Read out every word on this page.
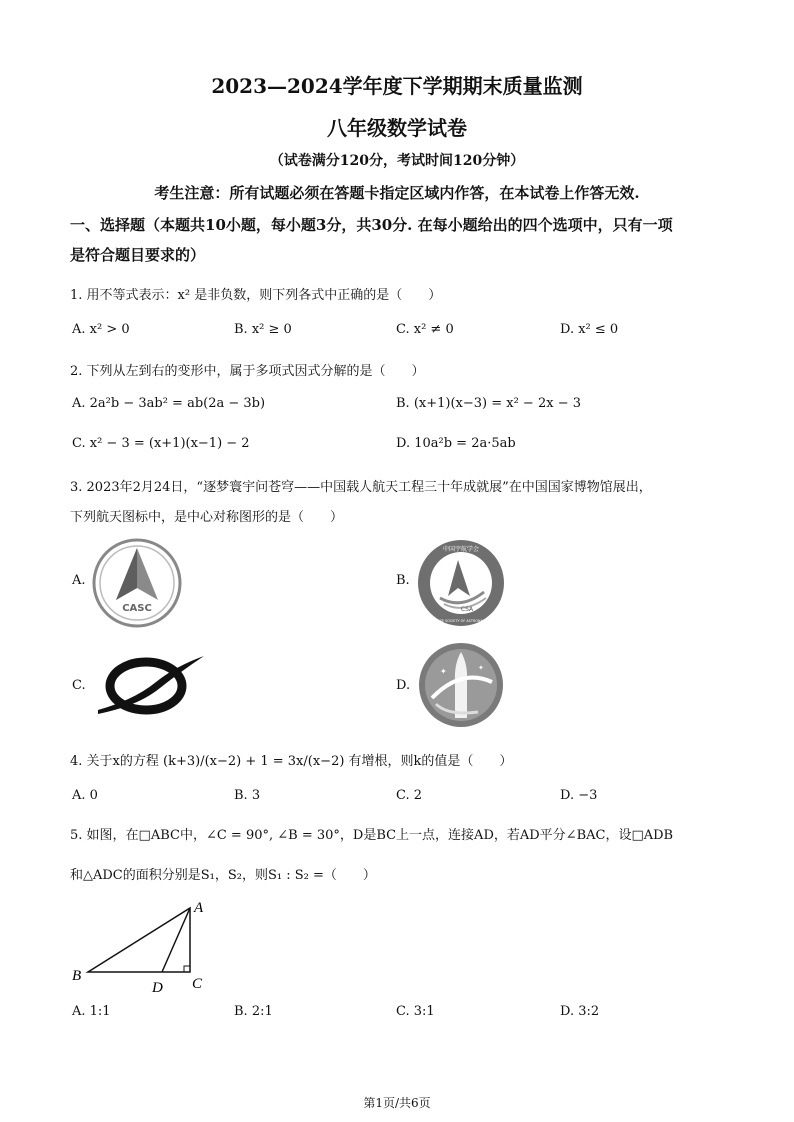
2023—2024学年度下学期期末质量监测
八年级数学试卷
（试卷满分120分，考试时间120分钟）
考生注意：所有试题必须在答题卡指定区域内作答，在本试卷上作答无效.
一、选择题（本题共10小题，每小题3分，共30分. 在每小题给出的四个选项中，只有一项
是符合题目要求的）
1. 用不等式表示：x² 是非负数，则下列各式中正确的是（　　）
A. x² > 0	B. x² ≥ 0	C. x² ≠ 0	D. x² ≤ 0
2. 下列从左到右的变形中，属于多项式因式分解的是（　　）
A. 2a²b − 3ab² = ab(2a − 3b)	B. (x+1)(x−3) = x² − 2x − 3
C. x² − 3 = (x+1)(x−1) − 2	D. 10a²b = 2a·5ab
3. 2023年2月24日，“逐梦寰宇问苍穹——中国载人航天工程三十年成就展”在中国国家博物馆展出，
下列航天图标中，是中心对称图形的是（　　）
A.	B.
C.	D.
CASC
中国宇航学会
CHINESE SOCIETY OF ASTRONAUTICS
CSA
✦	✦
4. 关于x的方程 (k+3)/(x−2) + 1 = 3x/(x−2) 有增根，则k的值是（　　）
A. 0	B. 3	C. 2	D. −3
5. 如图，在□ABC中，∠C = 90°, ∠B = 30°，D是BC上一点，连接AD，若AD平分∠BAC，设□ADB
和△ADC的面积分别是S₁，S₂，则S₁ : S₂ =（　　）
A
B	C
D
A. 1:1	B. 2:1	C. 3:1	D. 3:2
第1页/共6页
